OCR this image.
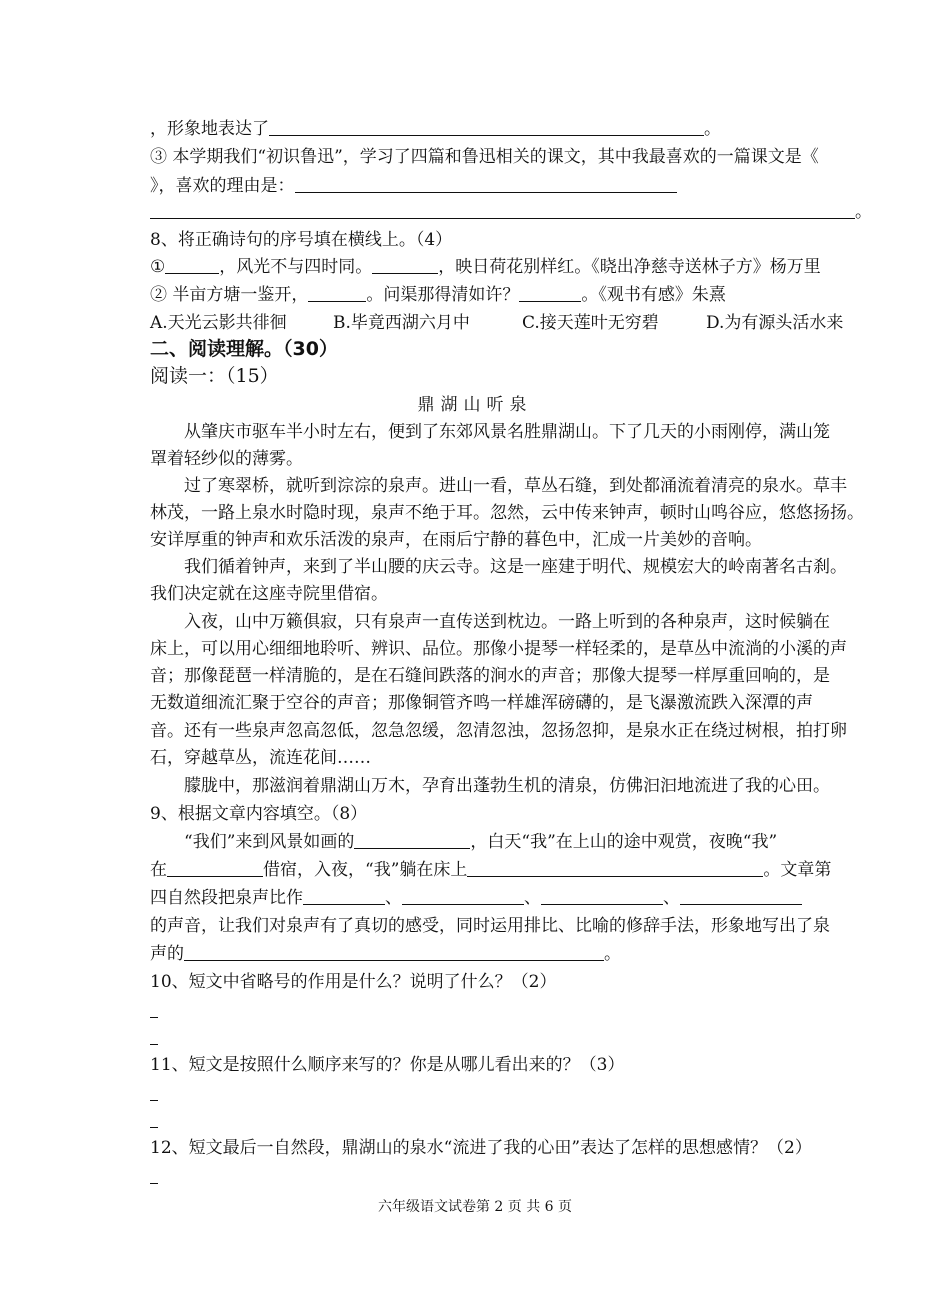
，形象地表达了	。
③ 本学期我们“初识鲁迅”，学习了四篇和鲁迅相关的课文，其中我最喜欢的一篇课文是《
》，喜欢的理由是：
。
8、将正确诗句的序号填在横线上。（4）
①	，风光不与四时同。	，映日荷花别样红。《晓出净慈寺送林子方》杨万里
② 半亩方塘一鉴开，	。问渠那得清如许？	。《观书有感》朱熹
A.天光云影共徘徊	B.毕竟西湖六月中	C.接天莲叶无穷碧	D.为有源头活水来
二、阅读理解。（30）
阅读一：（15）
鼎湖山听泉
从肇庆市驱车半小时左右，便到了东郊风景名胜鼎湖山。下了几天的小雨刚停，满山笼
罩着轻纱似的薄雾。
过了寒翠桥，就听到淙淙的泉声。进山一看，草丛石缝，到处都涌流着清亮的泉水。草丰
林茂，一路上泉水时隐时现，泉声不绝于耳。忽然，云中传来钟声，顿时山鸣谷应，悠悠扬扬。
安详厚重的钟声和欢乐活泼的泉声，在雨后宁静的暮色中，汇成一片美妙的音响。
我们循着钟声，来到了半山腰的庆云寺。这是一座建于明代、规模宏大的岭南著名古刹。
我们决定就在这座寺院里借宿。
入夜，山中万籁俱寂，只有泉声一直传送到枕边。一路上听到的各种泉声，这时候躺在
床上，可以用心细细地聆听、辨识、品位。那像小提琴一样轻柔的，是草丛中流淌的小溪的声
音；那像琵琶一样清脆的，是在石缝间跌落的涧水的声音；那像大提琴一样厚重回响的，是
无数道细流汇聚于空谷的声音；那像铜管齐鸣一样雄浑磅礴的，是飞瀑激流跌入深潭的声
音。还有一些泉声忽高忽低，忽急忽缓，忽清忽浊，忽扬忽抑，是泉水正在绕过树根，拍打卵
石，穿越草丛，流连花间……
朦胧中，那滋润着鼎湖山万木，孕育出蓬勃生机的清泉，仿佛汩汩地流进了我的心田。
9、根据文章内容填空。（8）
“我们”来到风景如画的	，白天“我”在上山的途中观赏，夜晚“我”
在	借宿，入夜，“我”躺在床上	。文章第
四自然段把泉声比作	、	、	、
的声音，让我们对泉声有了真切的感受，同时运用排比、比喻的修辞手法，形象地写出了泉
声的	。
10、短文中省略号的作用是什么？说明了什么？（2）
11、短文是按照什么顺序来写的？你是从哪儿看出来的？（3）
12、短文最后一自然段，鼎湖山的泉水“流进了我的心田”表达了怎样的思想感情？（2）
六年级语文试卷第 2 页 共 6 页
